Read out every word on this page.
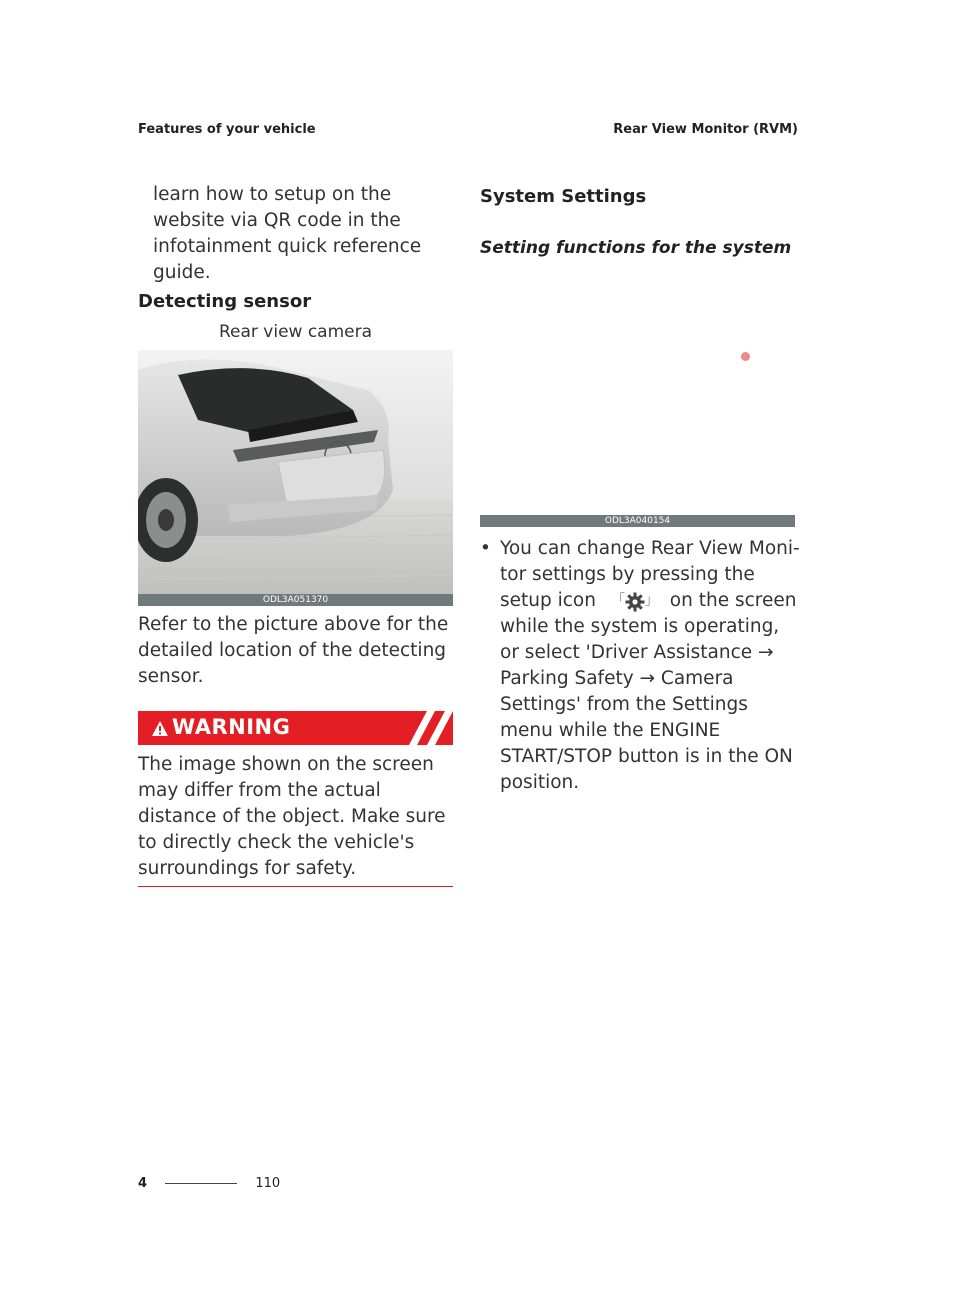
Features of your vehicle	Rear View Monitor (RVM)
learn how to setup on the website via QR code in the infotainment quick reference guide.
Detecting sensor
Rear view camera
ODL3A051370
Refer to the picture above for the detailed location of the detecting sensor.
WARNING
The image shown on the screen may differ from the actual distance of the object. Make sure to directly check the vehicle's surroundings for safety.
System Settings
Setting functions for the system
ODL3A040154
• You can change Rear View Moni-tor settings by pressing the setup icon 「 」 on the screen while the system is operating, or select 'Driver Assistance → Parking Safety → Camera Settings' from the Settings menu while the ENGINE START/STOP button is in the ON position.
4	110
